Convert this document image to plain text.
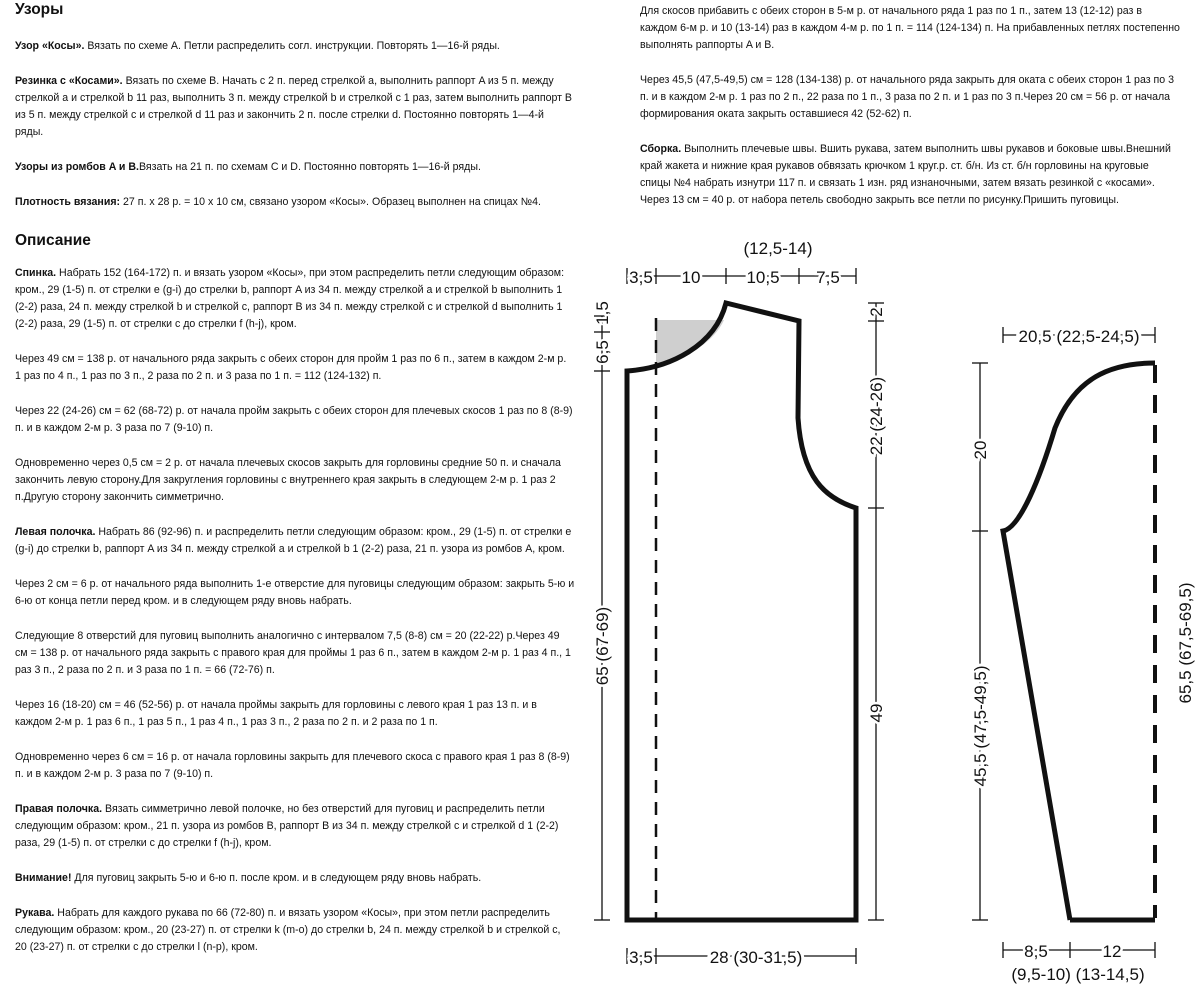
Узоры

Узор «Косы». Вязать по схеме A. Петли распределить согл. инструкции. Повторять 1—16-й ряды.

Резинка с «Косами». Вязать по схеме B. Начать с 2 п. перед стрелкой a, выполнить раппорт A из 5 п. между стрелкой a и стрелкой b 11 раз, выполнить 3 п. между стрелкой b и стрелкой c 1 раз, затем выполнить раппорт B из 5 п. между стрелкой c и стрелкой d 11 раз и закончить 2 п. после стрелки d. Постоянно повторять 1—4-й ряды.

Узоры из ромбов A и B.Вязать на 21 п. по схемам C и D. Постоянно повторять 1—16-й ряды.

Плотность вязания: 27 п. x 28 р. = 10 x 10 см, связано узором «Косы». Образец выполнен на спицах №4.

Описание

Спинка. Набрать 152 (164-172) п. и вязать узором «Косы», при этом распределить петли следующим образом: кром., 29 (1-5) п. от стрелки e (g-i) до стрелки b, раппорт A из 34 п. между стрелкой a и стрелкой b выполнить 1 (2-2) раза, 24 п. между стрелкой b и стрелкой c, раппорт B из 34 п. между стрелкой c и стрелкой d выполнить 1 (2-2) раза, 29 (1-5) п. от стрелки c до стрелки f (h-j), кром.

Через 49 см = 138 р. от начального ряда закрыть с обеих сторон для пройм 1 раз по 6 п., затем в каждом 2-м р. 1 раз по 4 п., 1 раз по 3 п., 2 раза по 2 п. и 3 раза по 1 п. = 112 (124-132) п.

Через 22 (24-26) см = 62 (68-72) р. от начала пройм закрыть с обеих сторон для плечевых скосов 1 раз по 8 (8-9) п. и в каждом 2-м р. 3 раза по 7 (9-10) п.

Одновременно через 0,5 см = 2 р. от начала плечевых скосов закрыть для горловины средние 50 п. и сначала закончить левую сторону.Для закругления горловины с внутреннего края закрыть в следующем 2-м р. 1 раз 2 п.Другую сторону закончить симметрично.

Левая полочка. Набрать 86 (92-96) п. и распределить петли следующим образом: кром., 29 (1-5) п. от стрелки e (g-i) до стрелки b, раппорт A из 34 п. между стрелкой a и стрелкой b 1 (2-2) раза, 21 п. узора из ромбов A, кром.

Через 2 см = 6 р. от начального ряда выполнить 1-е отверстие для пуговицы следующим образом: закрыть 5-ю и 6-ю от конца петли перед кром. и в следующем ряду вновь набрать.

Следующие 8 отверстий для пуговиц выполнить аналогично с интервалом 7,5 (8-8) см = 20 (22-22) р.Через 49 см = 138 р. от начального ряда закрыть с правого края для проймы 1 раз 6 п., затем в каждом 2-м р. 1 раз 4 п., 1 раз 3 п., 2 раза по 2 п. и 3 раза по 1 п. = 66 (72-76) п.

Через 16 (18-20) см = 46 (52-56) р. от начала проймы закрыть для горловины с левого края 1 раз 13 п. и в каждом 2-м р. 1 раз 6 п., 1 раз 5 п., 1 раз 4 п., 1 раз 3 п., 2 раза по 2 п. и 2 раза по 1 п.

Одновременно через 6 см = 16 р. от начала горловины закрыть для плечевого скоса с правого края 1 раз 8 (8-9) п. и в каждом 2-м р. 3 раза по 7 (9-10) п.

Правая полочка. Вязать симметрично левой полочке, но без отверстий для пуговиц и распределить петли следующим образом: кром., 21 п. узора из ромбов B, раппорт B из 34 п. между стрелкой c и стрелкой d 1 (2-2) раза, 29 (1-5) п. от стрелки c до стрелки f (h-j), кром.

Внимание! Для пуговиц закрыть 5-ю и 6-ю п. после кром. и в следующем ряду вновь набрать.

Рукава. Набрать для каждого рукава по 66 (72-80) п. и вязать узором «Косы», при этом петли распределить следующим образом: кром., 20 (23-27) п. от стрелки k (m-o) до стрелки b, 24 п. между стрелкой b и стрелкой c, 20 (23-27) п. от стрелки c до стрелки l (n-p), кром.

Для скосов прибавить с обеих сторон в 5-м р. от начального ряда 1 раз по 1 п., затем 13 (12-12) раз в каждом 6-м р. и 10 (13-14) раз в каждом 4-м р. по 1 п. = 114 (124-134) п. На прибавленных петлях постепенно выполнять раппорты A и B.

Через 45,5 (47,5-49,5) см = 128 (134-138) р. от начального ряда закрыть для оката с обеих сторон 1 раз по 3 п. и в каждом 2-м р. 1 раз по 2 п., 22 раза по 1 п., 3 раза по 2 п. и 1 раз по 3 п.Через 20 см = 56 р. от начала формирования оката закрыть оставшиеся 42 (52-62) п.

Сборка. Выполнить плечевые швы. Вшить рукава, затем выполнить швы рукавов и боковые швы.Внешний край жакета и нижние края рукавов обвязать крючком 1 круг.р. ст. б/н. Из ст. б/н горловины на круговые спицы №4 набрать изнутри 117 п. и связать 1 изн. ряд изнаночными, затем вязать резинкой с «косами». Через 13 см = 40 р. от набора петель свободно закрыть все петли по рисунку.Пришить пуговицы.

(12,5-14)
3,5 10	10,5 7,5
1,5
6,5
65 (67-69)
2
22 (24-26)
49
3,5	28 (30-31,5)
20,5 (22,5-24,5)
20
45,5 (47,5-49,5)
65,5 (67,5-69,5)
8,5	12
(9,5-10) (13-14,5)
